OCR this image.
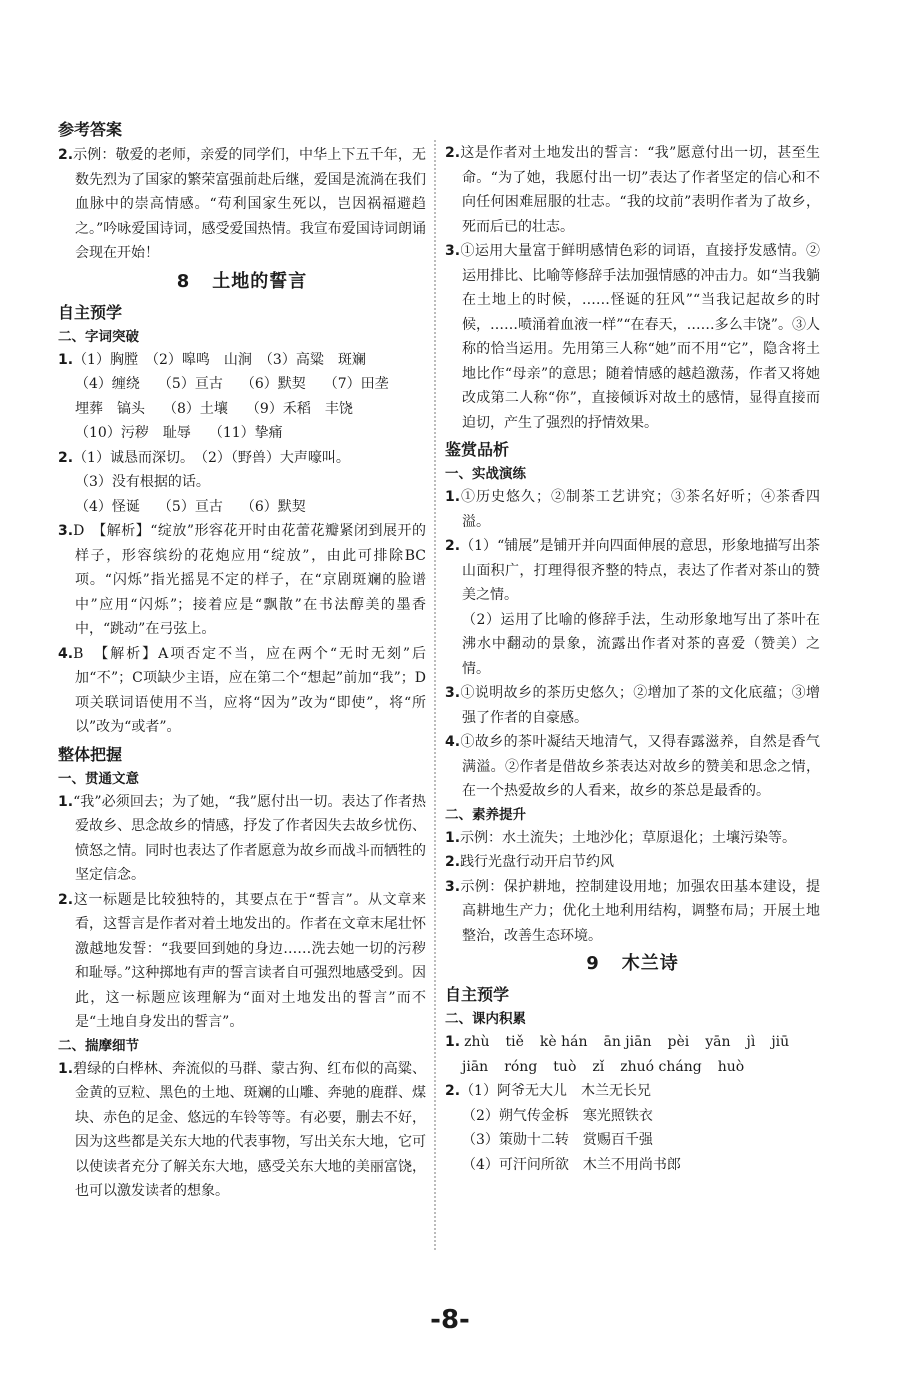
参考答案

2.示例：敬爱的老师，亲爱的同学们，中华上下五千年，无数先烈为了国家的繁荣富强前赴后继，爱国是流淌在我们血脉中的崇高情感。“苟利国家生死以，岂因祸福避趋之。”吟咏爱国诗词，感受爱国热情。我宣布爱国诗词朗诵会现在开始！

8 土地的誓言
自主预学
二、字词突破

1.（1）胸膛　 （2）嗥鸣　山涧　 （3）高粱　斑斓

（4）缠绕 （5）亘古 （6）默契 （7）田垄
埋葬　镐头 （8）土壤 （9）禾稻　丰饶
（10）污秽　耻辱 （11）挚痛

2.（1）诚恳而深切。　 （2）（野兽）大声嚎叫。

（3）没有根据的话。
（4）怪诞 （5）亘古 （6）默契

3.D　【解析】“绽放”形容花开时由花蕾花瓣紧闭到展开的样子，形容缤纷的花炮应用“绽放”，由此可排除BC项。“闪烁”指光摇晃不定的样子，在“京剧斑斓的脸谱中”应用“闪烁”；接着应是“飘散”在书法醇美的墨香中，“跳动”在弓弦上。

4.B　【解析】A项否定不当，应在两个“无时无刻”后加“不”；C项缺少主语，应在第二个“想起”前加“我”；D项关联词语使用不当，应将“因为”改为“即使”，将“所以”改为“或者”。

整体把握
一、贯通文意

1.“我”必须回去；为了她，“我”愿付出一切。表达了作者热爱故乡、思念故乡的情感，抒发了作者因失去故乡忧伤、愤怒之情。同时也表达了作者愿意为故乡而战斗而牺牲的坚定信念。

2.这一标题是比较独特的，其要点在于“誓言”。从文章来看，这誓言是作者对着土地发出的。作者在文章末尾壮怀激越地发誓：“我要回到她的身边……洗去她一切的污秽和耻辱。”这种掷地有声的誓言读者自可强烈地感受到。因此，这一标题应该理解为“面对土地发出的誓言”而不是“土地自身发出的誓言”。

二、揣摩细节

1.碧绿的白桦林、奔流似的马群、蒙古狗、红布似的高粱、金黄的豆粒、黑色的土地、斑斓的山雕、奔驰的鹿群、煤块、赤色的足金、悠远的车铃等等。有必要，删去不好，因为这些都是关东大地的代表事物，写出关东大地，它可以使读者充分了解关东大地，感受关东大地的美丽富饶，也可以激发读者的想象。

2.这是作者对土地发出的誓言：“我”愿意付出一切，甚至生命。“为了她，我愿付出一切”表达了作者坚定的信心和不向任何困难屈服的壮志。“我的坟前”表明作者为了故乡，死而后已的壮志。

3.①运用大量富于鲜明感情色彩的词语，直接抒发感情。②运用排比、比喻等修辞手法加强情感的冲击力。如“当我躺在土地上的时候，……怪诞的狂风”“当我记起故乡的时候，……喷涌着血液一样”“在春天，……多么丰饶”。③人称的恰当运用。先用第三人称“她”而不用“它”，隐含将土地比作“母亲”的意思；随着情感的越趋激荡，作者又将她改成第二人称“你”，直接倾诉对故土的感情，显得直接而迫切，产生了强烈的抒情效果。

鉴赏品析
一、实战演练

1.①历史悠久；②制茶工艺讲究；③茶名好听；④茶香四溢。

2.（1）“铺展”是铺开并向四面伸展的意思，形象地描写出茶山面积广，打理得很齐整的特点，表达了作者对茶山的赞美之情。

（2）运用了比喻的修辞手法，生动形象地写出了茶叶在沸水中翻动的景象，流露出作者对茶的喜爱（赞美）之情。

3.①说明故乡的茶历史悠久；②增加了茶的文化底蕴；③增强了作者的自豪感。

4.①故乡的茶叶凝结天地清气，又得春露滋养，自然是香气满溢。②作者是借故乡茶表达对故乡的赞美和思念之情，在一个热爱故乡的人看来，故乡的茶总是最香的。

二、素养提升

1.示例：水土流失；土地沙化；草原退化；土壤污染等。

2.践行光盘行动开启节约风

3.示例：保护耕地，控制建设用地；加强农田基本建设，提高耕地生产力；优化土地利用结构，调整布局；开展土地整治，改善生态环境。

9 木兰诗
自主预学
二、课内积累

1. zhù tiě kè hán ān jiān pèi yān jì jiū

jiān róng tuò zǐ zhuó cháng huò

2.（1）阿爷无大儿　木兰无长兄

（2）朔气传金柝　寒光照铁衣
（3）策勋十二转　赏赐百千强
（4）可汗问所欲　木兰不用尚书郎
-8-
